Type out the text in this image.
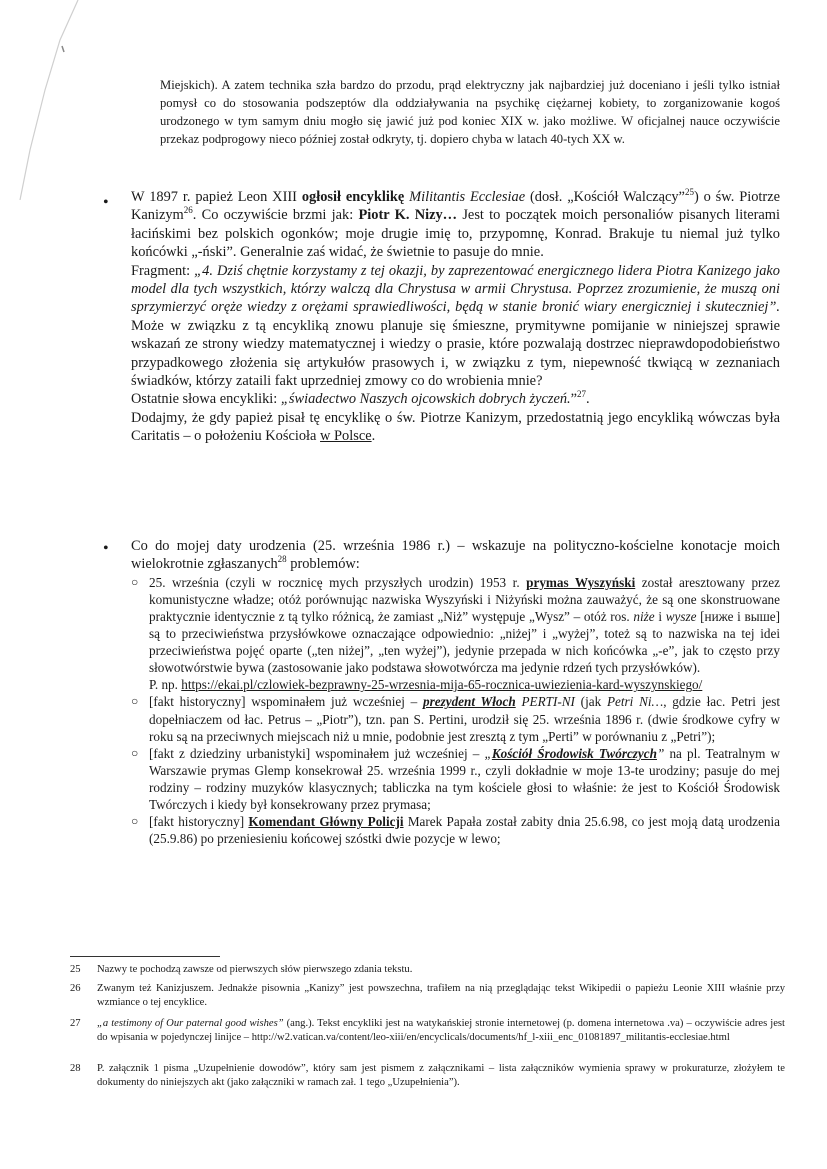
Miejskich). A zatem technika szła bardzo do przodu, prąd elektryczny jak najbardziej już doceniano i jeśli tylko istniał pomysł co do stosowania podszeptów dla oddziaływania na psychikę ciężarnej kobiety, to zorganizowanie kogoś urodzonego w tym samym dniu mogło się jawić już pod koniec XIX w. jako możliwe. W oficjalnej nauce oczywiście przekaz podprogowy nieco później został odkryty, tj. dopiero chyba w latach 40-tych XX w.
• W 1897 r. papież Leon XIII ogłosił encyklikę Militantis Ecclesiae (dosł. „Kościół Walczący”$^{25}$) o św. Piotrze Kanizym$^{26}$. Co oczywiście brzmi jak: Piotr K. Nizy… Jest to początek moich personaliów pisanych literami łacińskimi bez polskich ogonków; moje drugie imię to, przypomnę, Konrad. Brakuje tu niemal już tylko końcówki „-ński”. Generalnie zaś widać, że świetnie to pasuje do mnie.

Fragment: „4. Dziś chętnie korzystamy z tej okazji, by zaprezentować energicznego lidera Piotra Kanizego jako model dla tych wszystkich, którzy walczą dla Chrystusa w armii Chrystusa. Poprzez zrozumienie, że muszą oni sprzymierzyć oręże wiedzy z orężami sprawiedliwości, będą w stanie bronić wiary energiczniej i skuteczniej”. Może w związku z tą encykliką znowu planuje się śmieszne, prymitywne pomijanie w niniejszej sprawie wskazań ze strony wiedzy matematycznej i wiedzy o prasie, które pozwalają dostrzec nieprawdopodobieństwo przypadkowego złożenia się artykułów prasowych i, w związku z tym, niepewność tkwiącą w zeznaniach świadków, którzy zataili fakt uprzedniej zmowy co do wrobienia mnie?

Ostatnie słowa encykliki: „świadectwo Naszych ojcowskich dobrych życzeń.”$^{27}$.

Dodajmy, że gdy papież pisał tę encyklikę o św. Piotrze Kanizym, przedostatnią jego encykliką wówczas była Caritatis – o położeniu Kościoła w Polsce.

• Co do mojej daty urodzenia (25. września 1986 r.) – wskazuje na polityczno-kościelne konotacje moich wielokrotnie zgłaszanych$^{28}$ problemów:

○ 25. września (czyli w rocznicę mych przyszłych urodzin) 1953 r. prymas Wyszyński został aresztowany przez komunistyczne władze; otóż porównując nazwiska Wyszyński i Niżyński można zauważyć, że są one skonstruowane praktycznie identycznie z tą tylko różnicą, że zamiast „Niż” występuje „Wysz” – otóż ros. niże i wysze [ниже i выше] są to przeciwieństwa przysłówkowe oznaczające odpowiednio: „niżej” i „wyżej”, toteż są to nazwiska na tej idei przeciwieństwa pojęć oparte („ten niżej”, „ten wyżej”), jedynie przepada w nich końcówka „-e”, jak to często przy słowotwórstwie bywa (zastosowanie jako podstawa słowotwórcza ma jedynie rdzeń tych przysłówków).
P. np. https://ekai.pl/czlowiek-bezprawny-25-wrzesnia-mija-65-rocznica-uwiezienia-kard-wyszynskiego/
○ [fakt historyczny] wspominałem już wcześniej – prezydent Włoch PERTI-NI (jak Petri Ni…, gdzie łac. Petri jest dopełniaczem od łac. Petrus – „Piotr”), tzn. pan S. Pertini, urodził się 25. września 1896 r. (dwie środkowe cyfry w roku są na przeciwnych miejscach niż u mnie, podobnie jest zresztą z tym „Perti” w porównaniu z „Petri”);
○ [fakt z dziedziny urbanistyki] wspominałem już wcześniej – „Kościół Środowisk Twórczych” na pl. Teatralnym w Warszawie prymas Glemp konsekrował 25. września 1999 r., czyli dokładnie w moje 13-te urodziny; pasuje do mej rodziny – rodziny muzyków klasycznych; tabliczka na tym kościele głosi to właśnie: że jest to Kościół Środowisk Twórczych i kiedy był konsekrowany przez prymasa;
○ [fakt historyczny] Komendant Główny Policji Marek Papała został zabity dnia 25.6.98, co jest moją datą urodzenia (25.9.86) po przeniesieniu końcowej szóstki dwie pozycje w lewo;
25	Nazwy te pochodzą zawsze od pierwszych słów pierwszego zdania tekstu.
26	Zwanym też Kanizjuszem. Jednakże pisownia „Kanizy” jest powszechna, trafiłem na nią przeglądając tekst Wikipedii o papieżu Leonie XIII właśnie przy wzmiance o tej encyklice.
27	„a testimony of Our paternal good wishes” (ang.). Tekst encykliki jest na watykańskiej stronie internetowej (p. domena internetowa .va) – oczywiście adres jest do wpisania w pojedynczej linijce – http://w2.vatican.va/content/leo-xiii/en/encyclicals/documents/hf_l-xiii_enc_01081897_militantis-ecclesiae.html
28	P. załącznik 1 pisma „Uzupełnienie dowodów”, który sam jest pismem z załącznikami – lista załączników wymienia sprawy w prokuraturze, złożyłem te dokumenty do niniejszych akt (jako załączniki w ramach zał. 1 tego „Uzupełnienia”).
